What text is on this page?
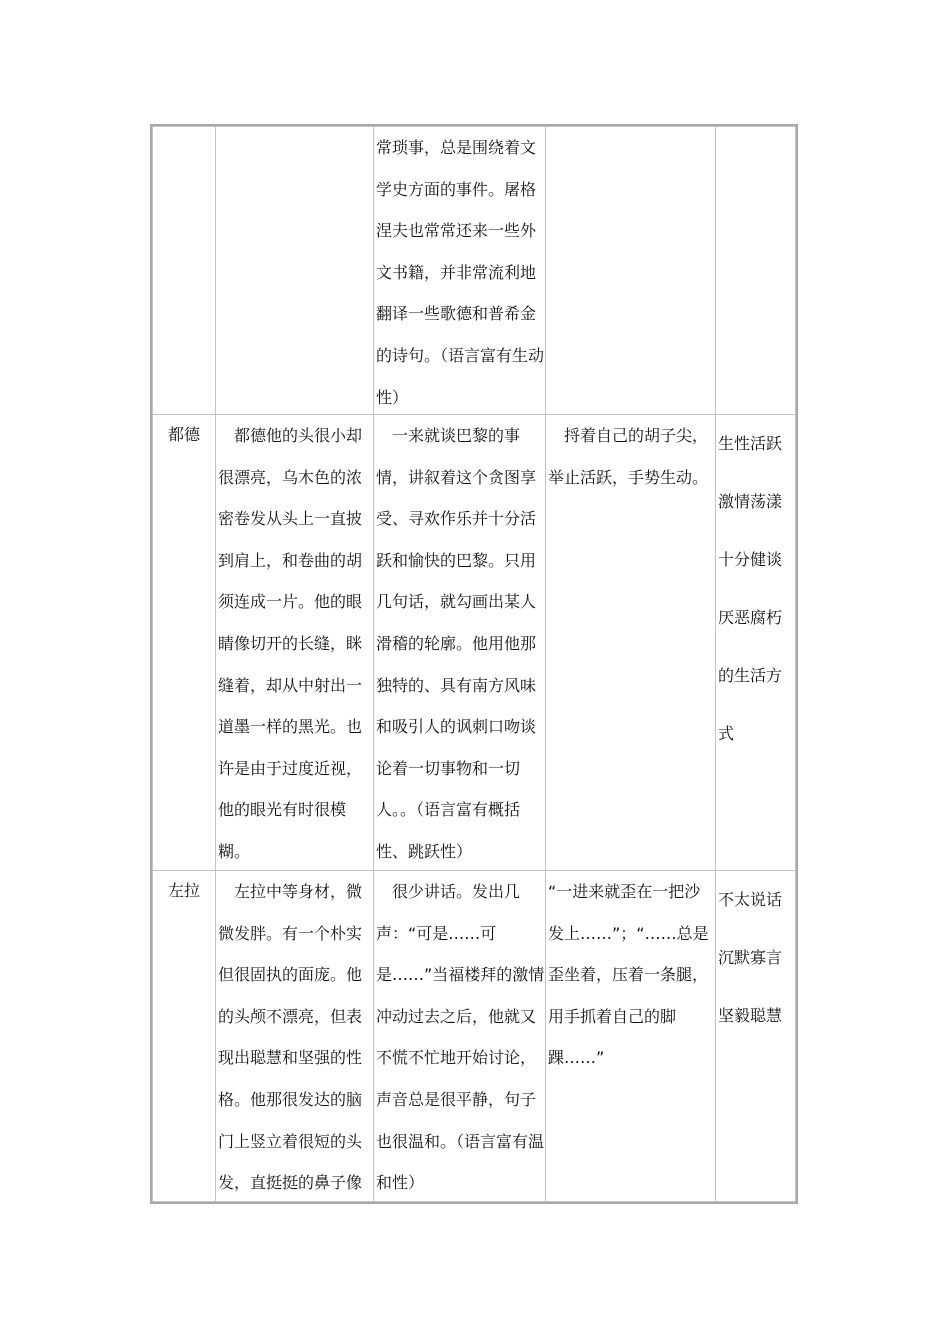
常琐事，总是围绕着文学史方面的事件。屠格涅夫也常常还来一些外文书籍，并非常流利地翻译一些歌德和普希金的诗句。（语言富有生动性）
都德 　都德他的头很小却很漂亮，乌木色的浓密卷发从头上一直披到肩上，和卷曲的胡须连成一片。他的眼睛像切开的长缝，眯缝着，却从中射出一道墨一样的黑光。也许是由于过度近视，他的眼光有时很模糊。
　一来就谈巴黎的事情，讲叙着这个贪图享受、寻欢作乐并十分活跃和愉快的巴黎。只用几句话，就勾画出某人滑稽的轮廓。他用他那独特的、具有南方风味和吸引人的讽刺口吻谈论着一切事物和一切人。。（语言富有概括性、跳跃性）
　捋着自己的胡子尖，举止活跃，手势生动。
生性活跃激情荡漾十分健谈厌恶腐朽的生活方式
左拉 　左拉中等身材，微微发胖。有一个朴实但很固执的面庞。他的头颅不漂亮，但表现出聪慧和坚强的性格。他那很发达的脑门上竖立着很短的头发，直挺挺的鼻子像
　很少讲话。发出几声：“可是……可是……”当福楼拜的激情冲动过去之后，他就又不慌不忙地开始讨论，声音总是很平静，句子也很温和。（语言富有温和性）
“一进来就歪在一把沙发上……”；“……总是歪坐着，压着一条腿，用手抓着自己的脚踝……”
不太说话沉默寡言坚毅聪慧
